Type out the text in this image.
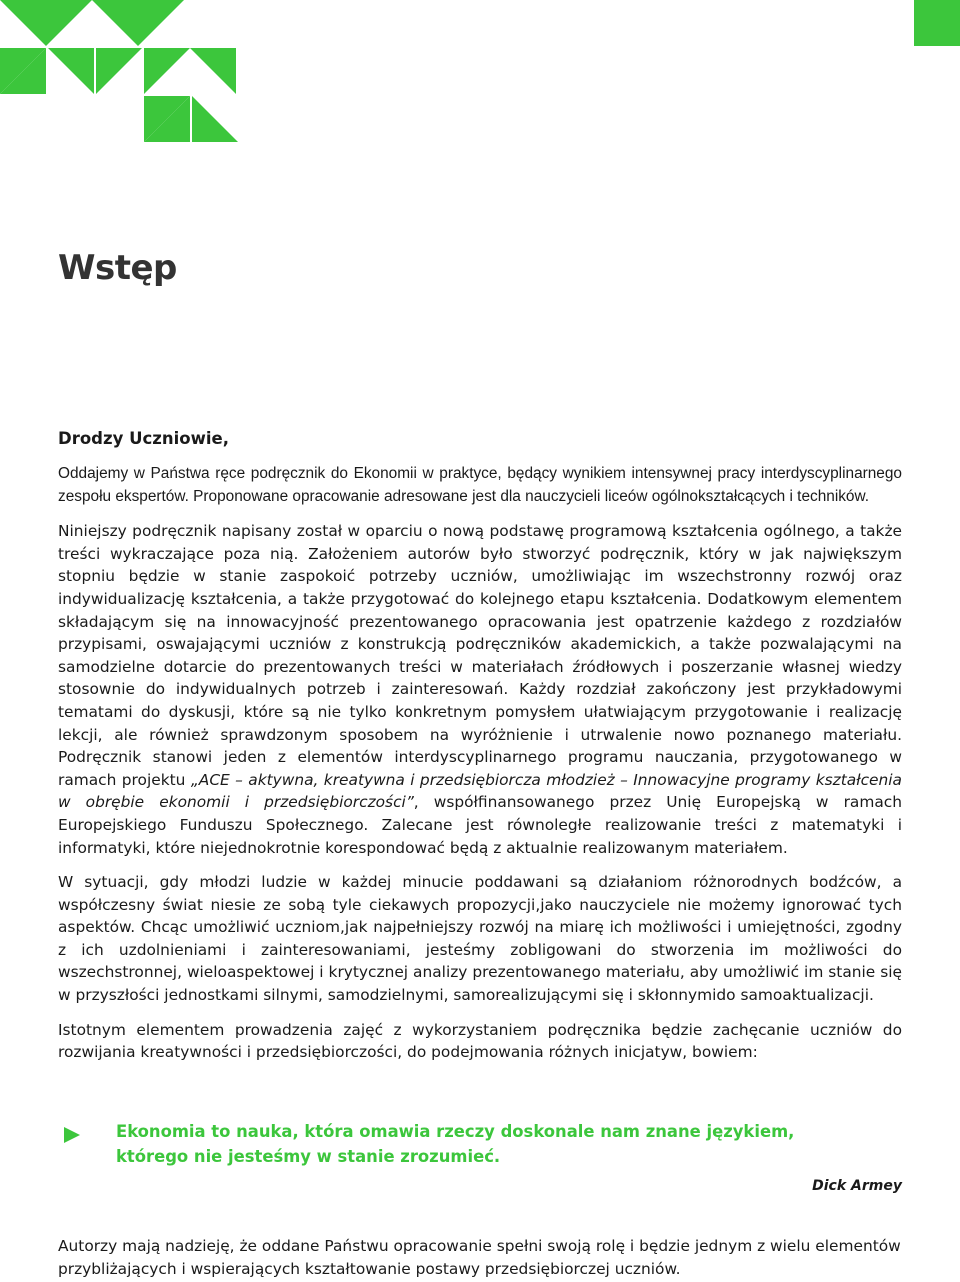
Wstęp

Drodzy Uczniowie,

Oddajemy w Państwa ręce podręcznik do Ekonomii w praktyce, będący wynikiem intensywnej pracy interdyscyplinarnego zespołu ekspertów. Proponowane opracowanie adresowane jest dla nauczycieli liceów ogólnokształcących i techników.

Niniejszy podręcznik napisany został w oparciu o nową podstawę programową kształcenia ogólnego, a także treści wykraczające poza nią. Założeniem autorów było stworzyć podręcznik, który w jak największym stopniu będzie w stanie zaspokoić potrzeby uczniów, umożliwiając im wszechstronny rozwój oraz indywidualizację kształcenia, a także przygotować do kolejnego etapu kształcenia. Dodatkowym elementem składającym się na innowacyjność prezentowanego opracowania jest opatrzenie każdego z rozdziałów przypisami, oswajającymi uczniów z konstrukcją podręczników akademickich, a także pozwalającymi na samodzielne dotarcie do prezentowanych treści w materiałach źródłowych i poszerzanie własnej wiedzy stosownie do indywidualnych potrzeb i zainteresowań. Każdy rozdział zakończony jest przykładowymi tematami do dyskusji, które są nie tylko konkretnym pomysłem ułatwiającym przygotowanie i realizację lekcji, ale również sprawdzonym sposobem na wyróżnienie i utrwalenie nowo poznanego materiału. Podręcznik stanowi jeden z elementów interdyscyplinarnego programu nauczania, przygotowanego w ramach projektu „ACE – aktywna, kreatywna i przedsiębiorcza młodzież – Innowacyjne programy kształcenia w obrębie ekonomii i przedsiębiorczości”, współfinansowanego przez Unię Europejską w ramach Europejskiego Funduszu Społecznego. Zalecane jest równoległe realizowanie treści z matematyki i informatyki, które niejednokrotnie korespondować będą z aktualnie realizowanym materiałem.

W sytuacji, gdy młodzi ludzie w każdej minucie poddawani są działaniom różnorodnych bodźców, a współczesny świat niesie ze sobą tyle ciekawych propozycji,jako nauczyciele nie możemy ignorować tych aspektów. Chcąc umożliwić uczniom,jak najpełniejszy rozwój na miarę ich możliwości i umiejętności, zgodny z ich uzdolnieniami i zainteresowaniami, jesteśmy zobligowani do stworzenia im możliwości do wszechstronnej, wieloaspektowej i krytycznej analizy prezentowanego materiału, aby umożliwić im stanie się w przyszłości jednostkami silnymi, samodzielnymi, samorealizującymi się i skłonnymido samoaktualizacji.

Istotnym elementem prowadzenia zajęć z wykorzystaniem podręcznika będzie zachęcanie uczniów do rozwijania kreatywności i przedsiębiorczości, do podejmowania różnych inicjatyw, bowiem:

Ekonomia to nauka, która omawia rzeczy doskonale nam znane językiem, którego nie jesteśmy w stanie zrozumieć.

Dick Armey

Autorzy mają nadzieję, że oddane Państwu opracowanie spełni swoją rolę i będzie jednym z wielu elementów przybliżających i wspierających kształtowanie postawy przedsiębiorczej uczniów.
